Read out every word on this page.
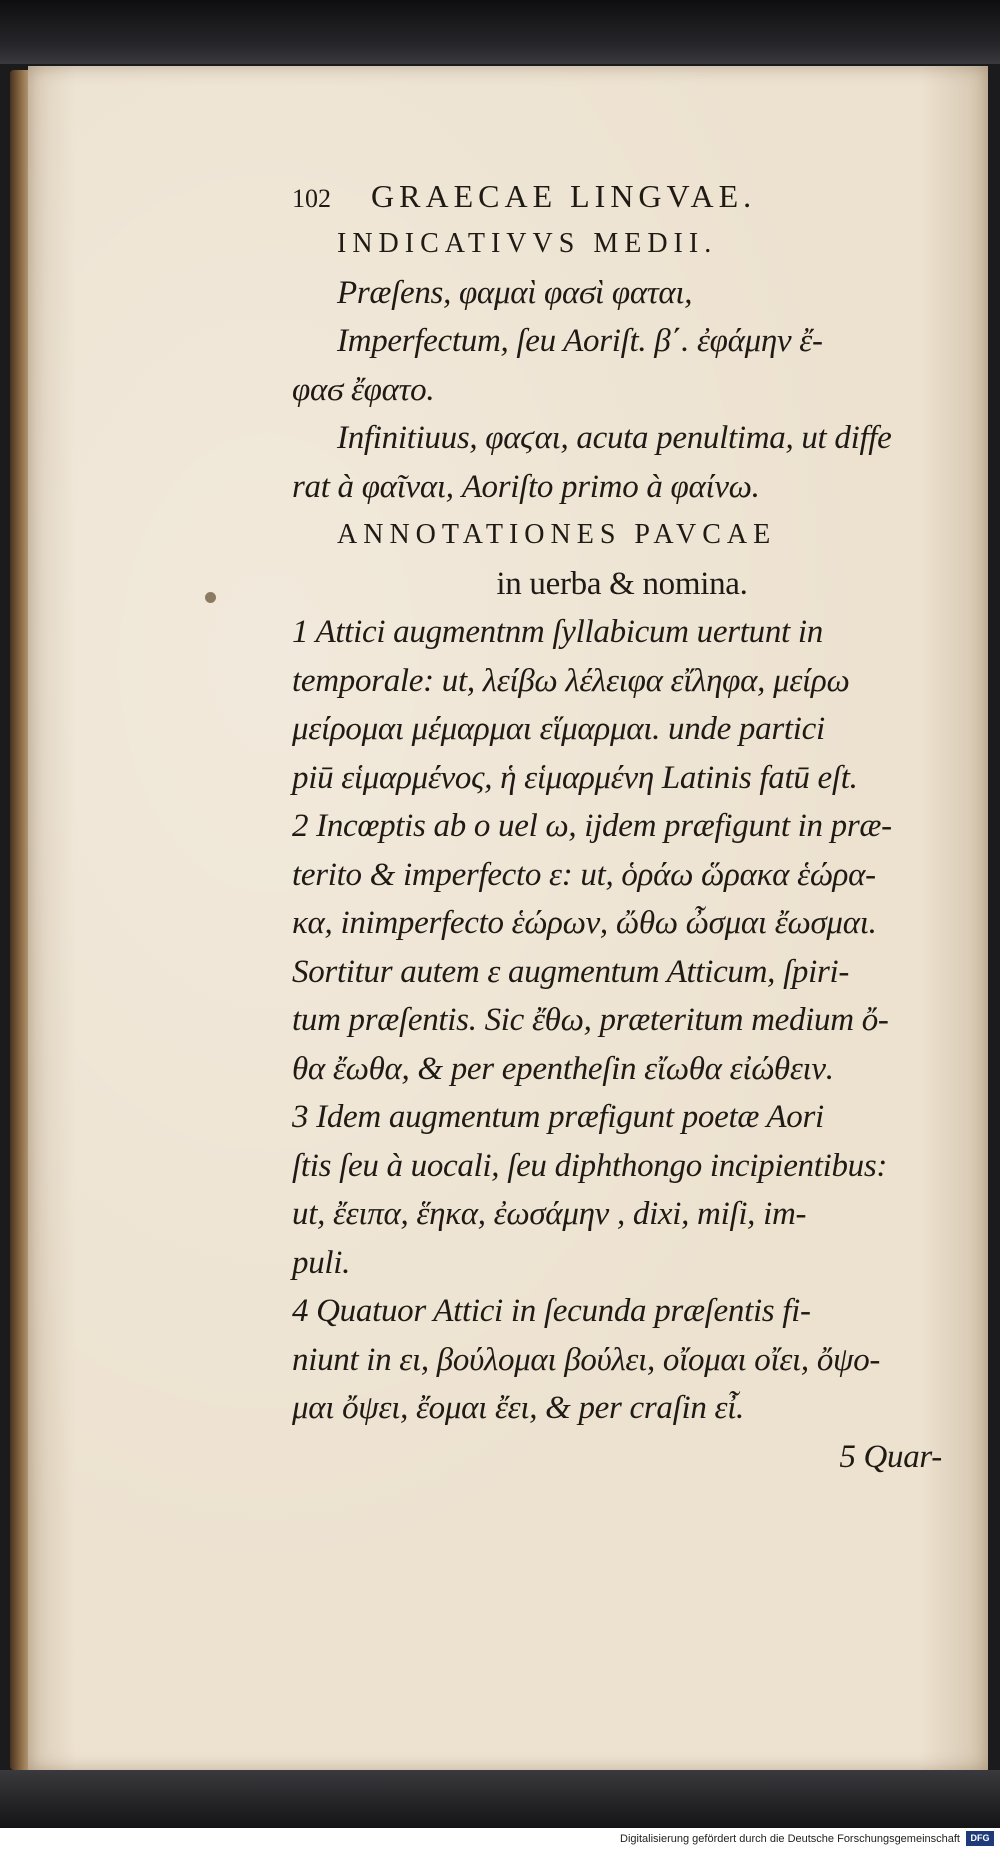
102 GRAECAE LINGVAE.
INDICATIVVS MEDII.
Præſens, φαμαὶ φαϭὶ φαται,
Imperfectum, ſeu Aoriſt. β΄. ἐφάμην ἔ-
φαϭ ἔφατο.
Infinitiuus, φαϛαι, acuta penultima, ut diffe
rat à φαῖναι, Aoriſto primo à φαίνω.
ANNOTATIONES PAVCAE
in uerba & nomina.
1 Attici augmentnm ſyllabicum uertunt in
temporale: ut, λείβω λέλειφα εἴληφα, μείρω
μείρομαι μέμαρμαι εἵμαρμαι. unde partici
piū εἱμαρμένος, ἡ εἱμαρμένη Latinis fatū eſt.
2 Incœptis ab o uel ω, ijdem præfigunt in præ-
terito & imperfecto ε: ut, ὁράω ὥρακα ἑώρα-
κα, inimperfecto ἑώρων, ὤθω ὦσμαι ἔωσμαι.
Sortitur autem ε augmentum Atticum, ſpiri-
tum præſentis. Sic ἔθω, præteritum medium ὄ-
θα ἔωθα, & per epentheſin εἴωθα εἰώθειν.
3 Idem augmentum præfigunt poetæ Aori
ſtis ſeu à uocali, ſeu diphthongo incipientibus:
ut, ἔειπα, ἕηκα, ἐωσάμην , dixi, miſi, im-
puli.
4 Quatuor Attici in ſecunda præſentis fi-
niunt in ει, βούλομαι βούλει, οἴομαι οἴει, ὄψο-
μαι ὄψει, ἔομαι ἔει, & per craſin εἶ.
5 Quar-
Digitalisierung gefördert durch die Deutsche Forschungsgemeinschaft	DFG
